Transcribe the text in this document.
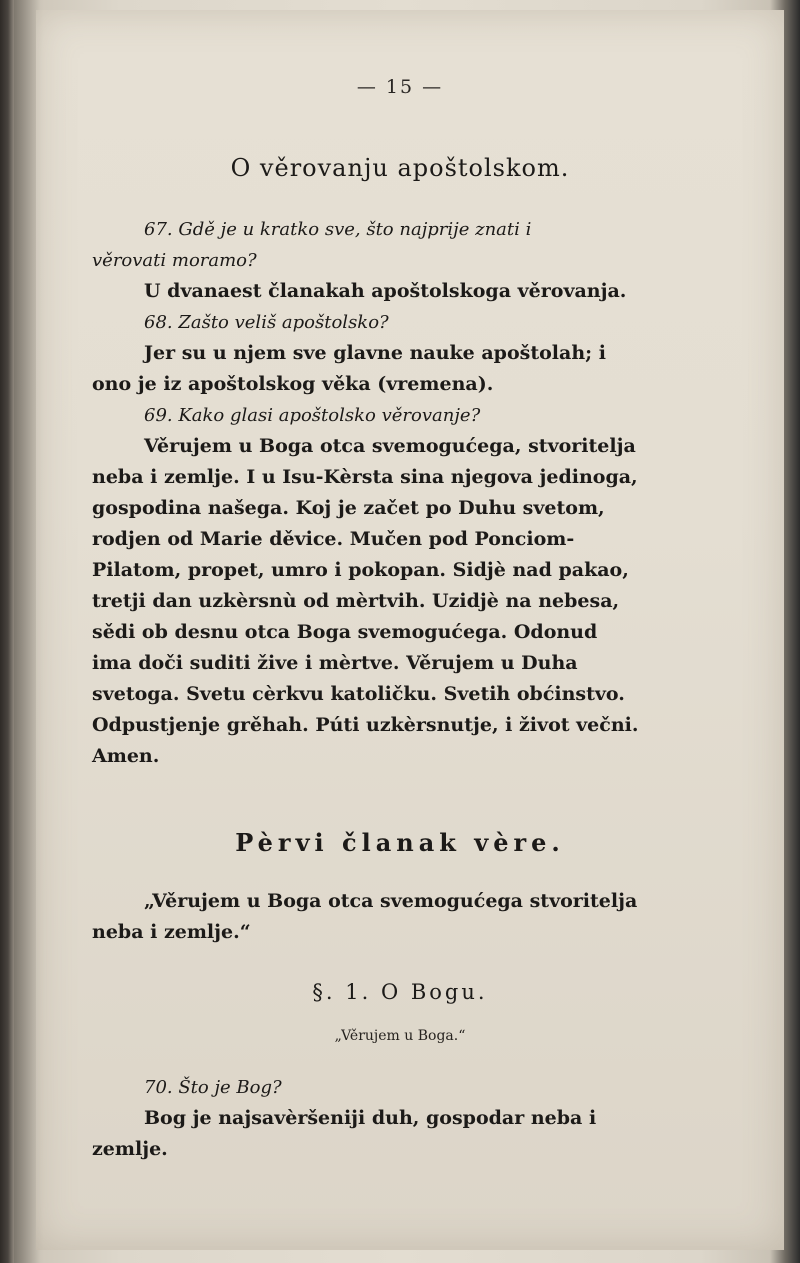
— 15 —
O věrovanju apoštolskom.
67. Gdě je u kratko sve, što najprije znati i
věrovati moramo?
U dvanaest članakah apoštolskoga věrovanja.
68. Zašto veliš apoštolsko?
Jer su u njem sve glavne nauke apoštolah; i
ono je iz apoštolskog věka (vremena).
69. Kako glasi apoštolsko věrovanje?
Věrujem u Boga otca svemogućega, stvoritelja
neba i zemlje. I u Isu-Kèrsta sina njegova jedinoga,
gospodina našega. Koj je začet po Duhu svetom,
rodjen od Marie děvice. Mučen pod Ponciom-
Pilatom, propet, umro i pokopan. Sidjè nad pakao,
tretji dan uzkèrsnù od mèrtvih. Uzidjè na nebesa,
sědi ob desnu otca Boga svemogućega. Odonud
ima doči suditi žive i mèrtve. Věrujem u Duha
svetoga. Svetu cèrkvu katoličku. Svetih obćinstvo.
Odpustjenje grěhah. Púti uzkèrsnutje, i život večni.
Amen.
Pèrvi članak vère.
„Věrujem u Boga otca svemogućega stvoritelja
neba i zemlje.“
§. 1. O Bogu.
„Věrujem u Boga.“
70. Što je Bog?
Bog je najsavèršeniji duh, gospodar neba i
zemlje.
